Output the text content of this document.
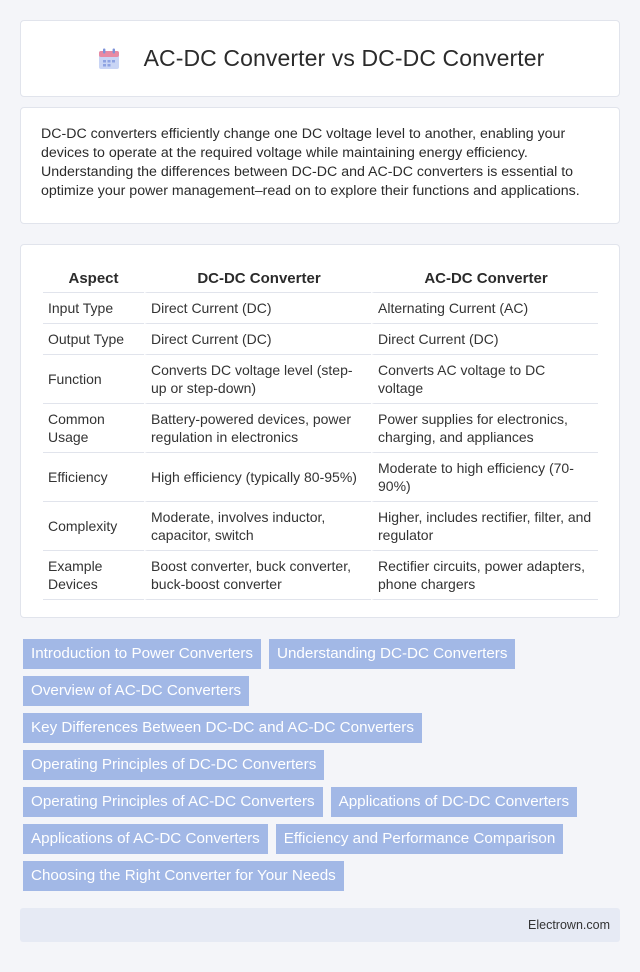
AC-DC Converter vs DC-DC Converter

DC-DC converters efficiently change one DC voltage level to another, enabling your devices to operate at the required voltage while maintaining energy efficiency. Understanding the differences between DC-DC and AC-DC converters is essential to optimize your power management–read on to explore their functions and applications.

Aspect	DC-DC Converter	AC-DC Converter
Input Type	Direct Current (DC)	Alternating Current (AC)
Output Type	Direct Current (DC)	Direct Current (DC)
Function	Converts DC voltage level (step-up or step-down)	Converts AC voltage to DC voltage
Common Usage	Battery-powered devices, power regulation in electronics	Power supplies for electronics, charging, and appliances
Efficiency	High efficiency (typically 80-95%)	Moderate to high efficiency (70-90%)
Complexity	Moderate, involves inductor, capacitor, switch	Higher, includes rectifier, filter, and regulator
Example Devices	Boost converter, buck converter, buck-boost converter	Rectifier circuits, power adapters, phone chargers
Introduction to Power Converters	Understanding DC-DC Converters
Overview of AC-DC Converters
Key Differences Between DC-DC and AC-DC Converters
Operating Principles of DC-DC Converters
Operating Principles of AC-DC Converters	Applications of DC-DC Converters
Applications of AC-DC Converters	Efficiency and Performance Comparison
Choosing the Right Converter for Your Needs
Electrown.com
